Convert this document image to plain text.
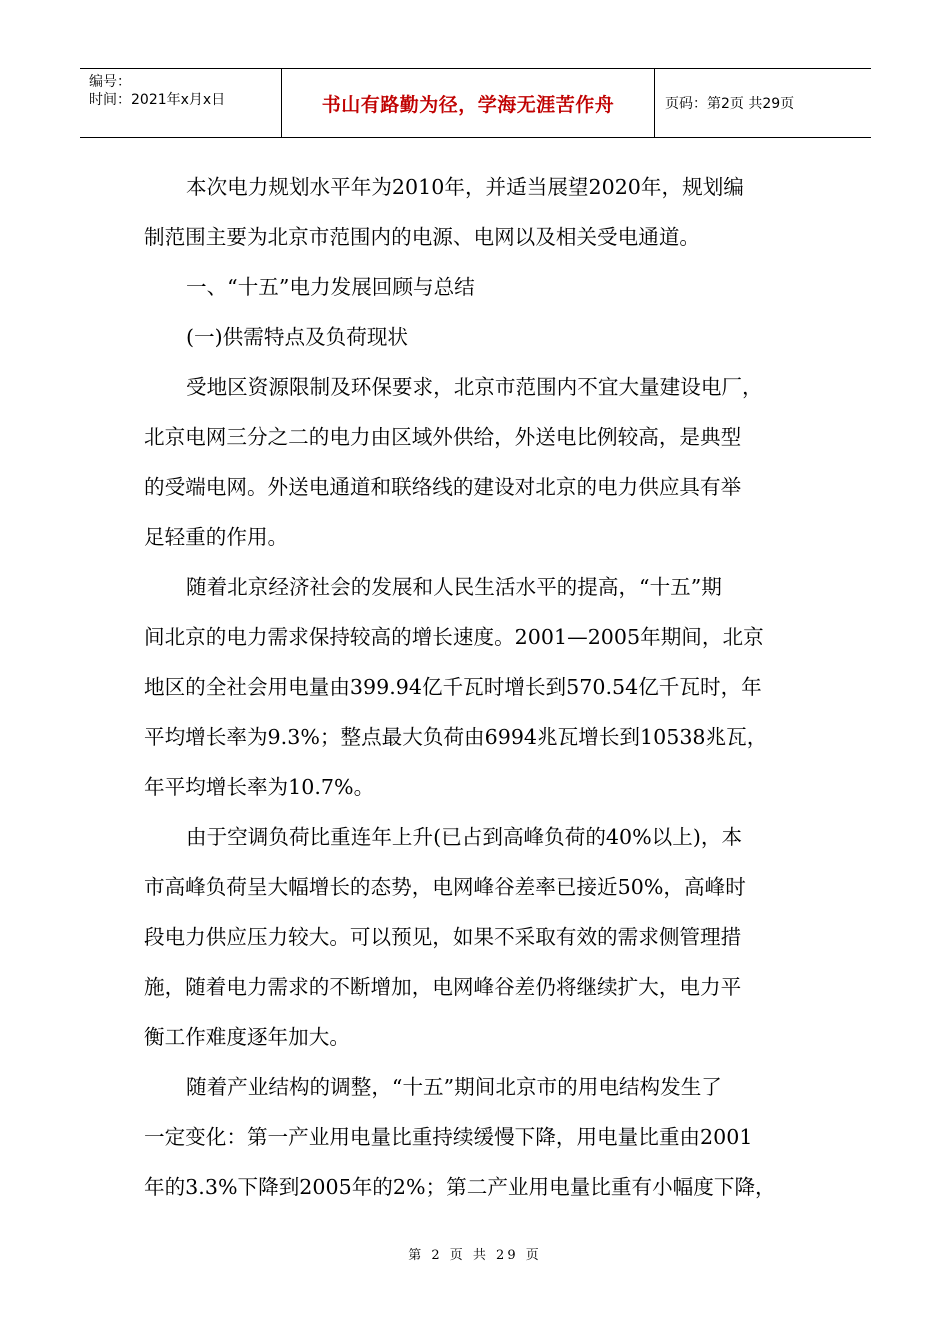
编号：
时间：2021年x月x日	书山有路勤为径，学海无涯苦作舟	页码：第2页 共29页

本次电力规划水平年为2010年，并适当展望2020年，规划编
制范围主要为北京市范围内的电源、电网以及相关受电通道。

一、“十五”电力发展回顾与总结

(一)供需特点及负荷现状

受地区资源限制及环保要求，北京市范围内不宜大量建设电厂，
北京电网三分之二的电力由区域外供给，外送电比例较高，是典型
的受端电网。外送电通道和联络线的建设对北京的电力供应具有举
足轻重的作用。

随着北京经济社会的发展和人民生活水平的提高，“十五”期
间北京的电力需求保持较高的增长速度。2001—2005年期间，北京
地区的全社会用电量由399.94亿千瓦时增长到570.54亿千瓦时，年
平均增长率为9.3%；整点最大负荷由6994兆瓦增长到10538兆瓦，
年平均增长率为10.7%。

由于空调负荷比重连年上升(已占到高峰负荷的40%以上)，本
市高峰负荷呈大幅增长的态势，电网峰谷差率已接近50%，高峰时
段电力供应压力较大。可以预见，如果不采取有效的需求侧管理措
施，随着电力需求的不断增加，电网峰谷差仍将继续扩大，电力平
衡工作难度逐年加大。

随着产业结构的调整，“十五”期间北京市的用电结构发生了
一定变化：第一产业用电量比重持续缓慢下降，用电量比重由2001
年的3.3%下降到2005年的2%；第二产业用电量比重有小幅度下降，

第 2 页 共 29 页
